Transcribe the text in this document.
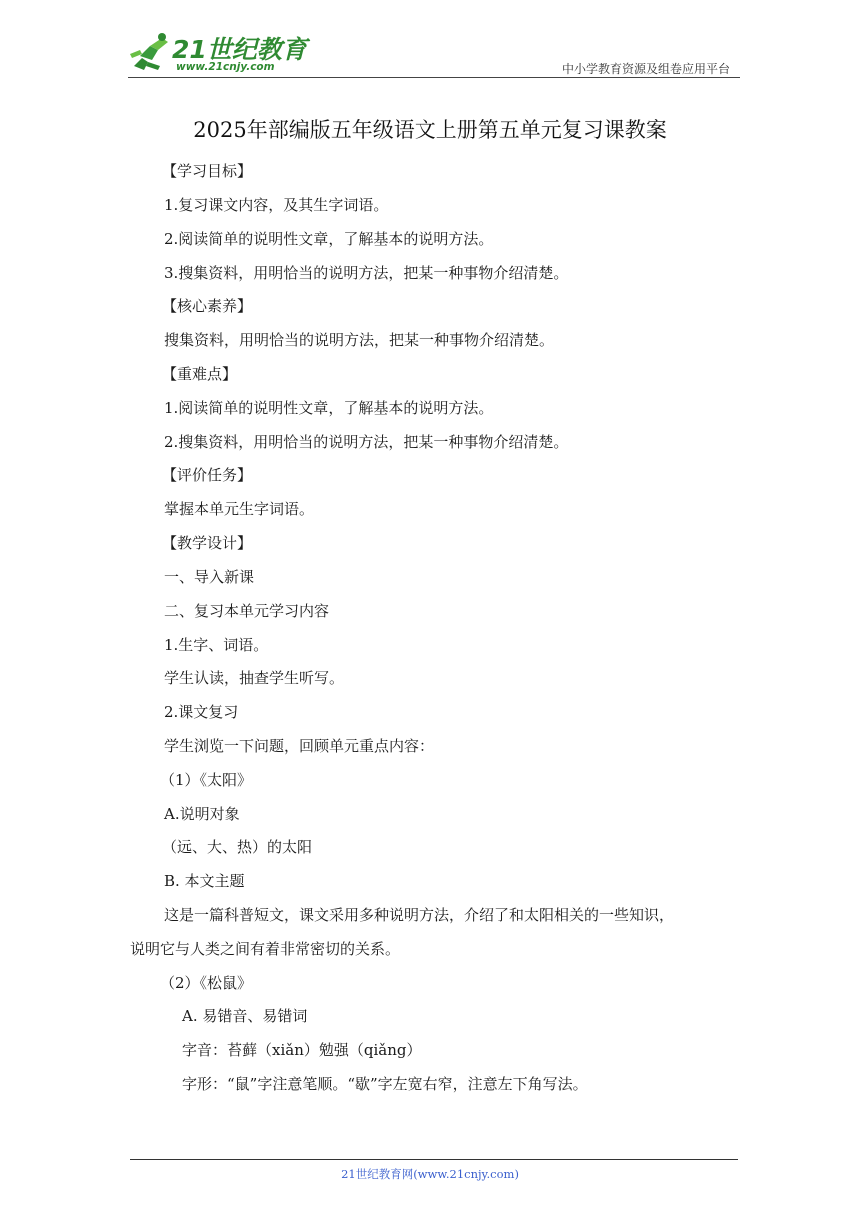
21世纪教育
www.21cnjy.com	中小学教育资源及组卷应用平台
2025年部编版五年级语文上册第五单元复习课教案
【学习目标】
1.复习课文内容，及其生字词语。
2.阅读简单的说明性文章，了解基本的说明方法。
3.搜集资料，用明恰当的说明方法，把某一种事物介绍清楚。
【核心素养】
搜集资料，用明恰当的说明方法，把某一种事物介绍清楚。
【重难点】
1.阅读简单的说明性文章，了解基本的说明方法。
2.搜集资料，用明恰当的说明方法，把某一种事物介绍清楚。
【评价任务】
掌握本单元生字词语。
【教学设计】
一、导入新课
二、复习本单元学习内容
1.生字、词语。
学生认读，抽查学生听写。
2.课文复习
学生浏览一下问题，回顾单元重点内容：
（1）《太阳》
A.说明对象
（远、大、热）的太阳
B. 本文主题
这是一篇科普短文，课文采用多种说明方法，介绍了和太阳相关的一些知识，
说明它与人类之间有着非常密切的关系。
（2）《松鼠》
A. 易错音、易错词
字音：苔藓（xiǎn）勉强（qiǎng）
字形：“鼠”字注意笔顺。“歇”字左宽右窄，注意左下角写法。
21世纪教育网(www.21cnjy.com)
